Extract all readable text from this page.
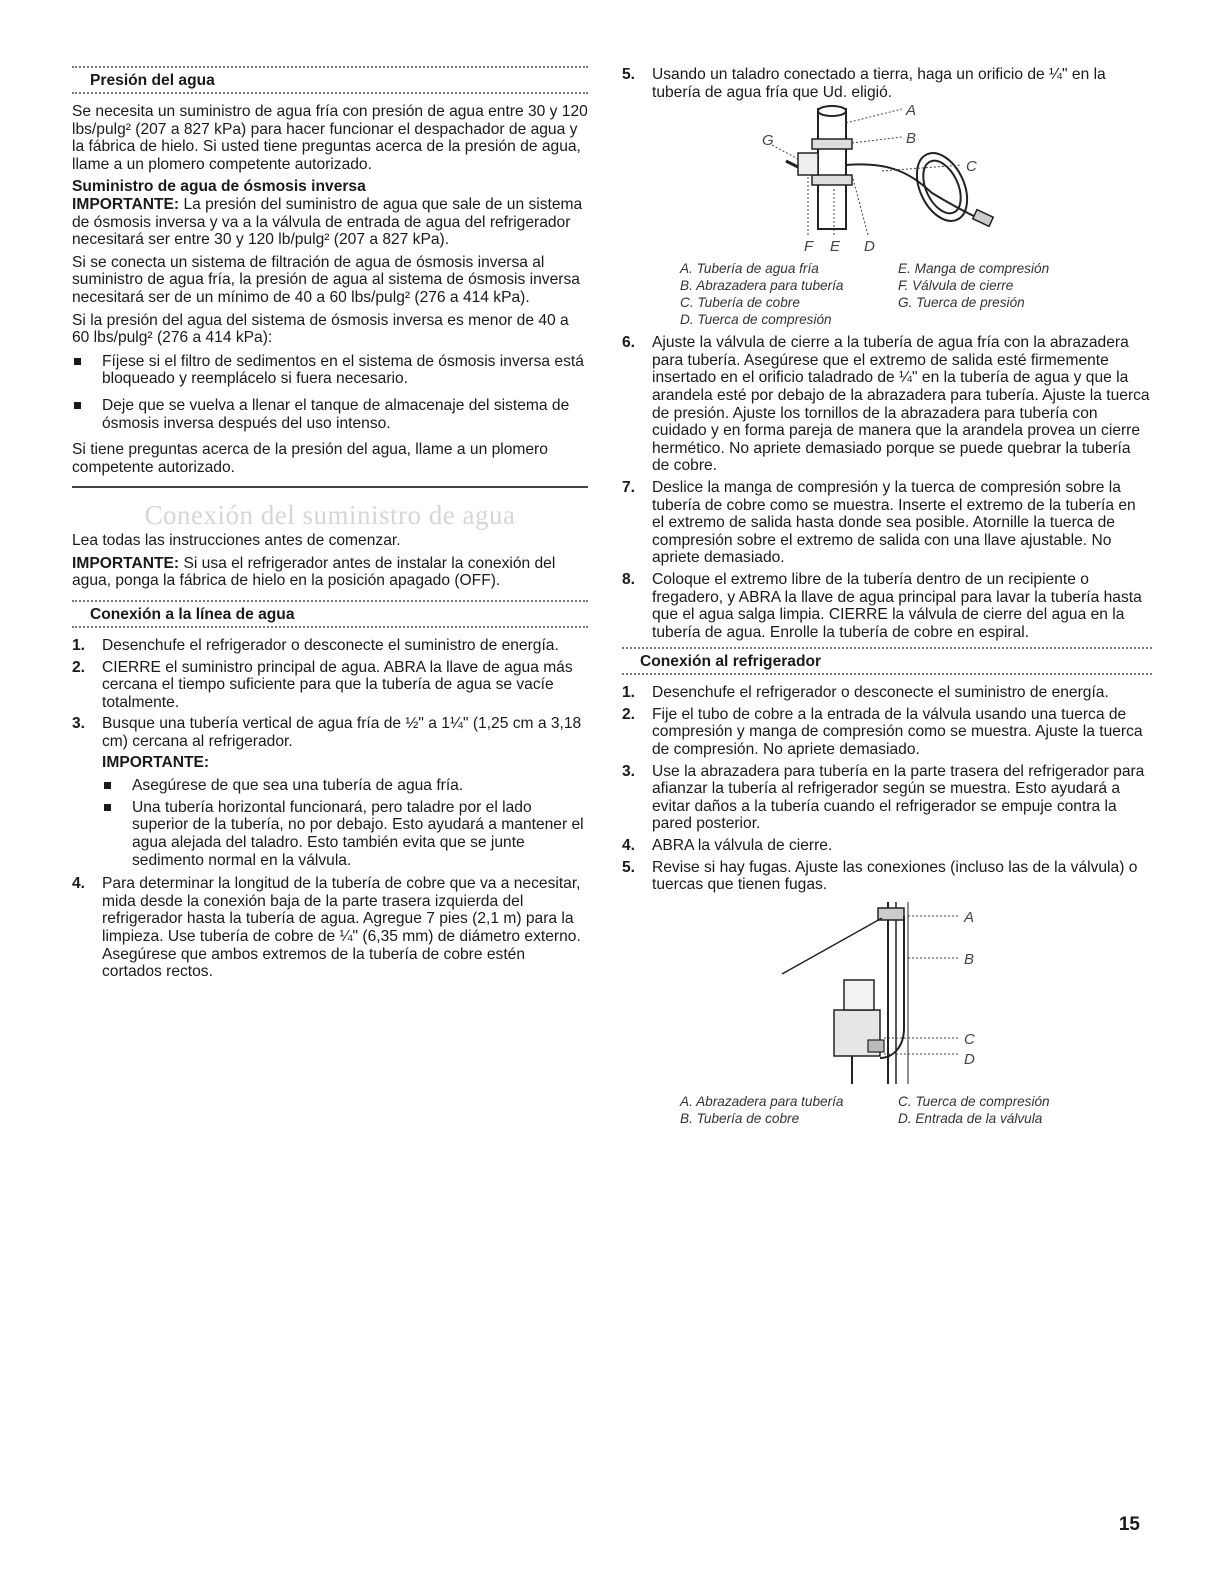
Presión del agua

Se necesita un suministro de agua fría con presión de agua entre 30 y 120 lbs/pulg² (207 a 827 kPa) para hacer funcionar el despachador de agua y la fábrica de hielo. Si usted tiene preguntas acerca de la presión de agua, llame a un plomero competente autorizado.

Suministro de agua de ósmosis inversa

IMPORTANTE: La presión del suministro de agua que sale de un sistema de ósmosis inversa y va a la válvula de entrada de agua del refrigerador necesitará ser entre 30 y 120 lb/pulg² (207 a 827 kPa).

Si se conecta un sistema de filtración de agua de ósmosis inversa al suministro de agua fría, la presión de agua al sistema de ósmosis inversa necesitará ser de un mínimo de 40 a 60 lbs/pulg² (276 a 414 kPa).

Si la presión del agua del sistema de ósmosis inversa es menor de 40 a 60 lbs/pulg² (276 a 414 kPa):

Fíjese si el filtro de sedimentos en el sistema de ósmosis inversa está bloqueado y reemplácelo si fuera necesario.
Deje que se vuelva a llenar el tanque de almacenaje del sistema de ósmosis inversa después del uso intenso.

Si tiene preguntas acerca de la presión del agua, llame a un plomero competente autorizado.

Conexión del suministro de agua

Lea todas las instrucciones antes de comenzar.

IMPORTANTE: Si usa el refrigerador antes de instalar la conexión del agua, ponga la fábrica de hielo en la posición apagado (OFF).

Conexión a la línea de agua
1. Desenchufe el refrigerador o desconecte el suministro de energía.
2. CIERRE el suministro principal de agua. ABRA la llave de agua más cercana el tiempo suficiente para que la tubería de agua se vacíe totalmente.
3. Busque una tubería vertical de agua fría de ½" a 1¼" (1,25 cm a 3,18 cm) cercana al refrigerador.
IMPORTANTE:
Asegúrese de que sea una tubería de agua fría.
Una tubería horizontal funcionará, pero taladre por el lado superior de la tubería, no por debajo. Esto ayudará a mantener el agua alejada del taladro. Esto también evita que se junte sedimento normal en la válvula.
4. Para determinar la longitud de la tubería de cobre que va a necesitar, mida desde la conexión baja de la parte trasera izquierda del refrigerador hasta la tubería de agua. Agregue 7 pies (2,1 m) para la limpieza. Use tubería de cobre de ¼" (6,35 mm) de diámetro externo. Asegúrese que ambos extremos de la tubería de cobre estén cortados rectos.
5. Usando un taladro conectado a tierra, haga un orificio de ¼" en la tubería de agua fría que Ud. eligió.
A
B
C
D
E
F
G
A. Tubería de agua fría	E. Manga de compresión
B. Abrazadera para tubería	F. Válvula de cierre
C. Tubería de cobre	G. Tuerca de presión
D. Tuerca de compresión
6. Ajuste la válvula de cierre a la tubería de agua fría con la abrazadera para tubería. Asegúrese que el extremo de salida esté firmemente insertado en el orificio taladrado de ¼" en la tubería de agua y que la arandela esté por debajo de la abrazadera para tubería. Ajuste la tuerca de presión. Ajuste los tornillos de la abrazadera para tubería con cuidado y en forma pareja de manera que la arandela provea un cierre hermético. No apriete demasiado porque se puede quebrar la tubería de cobre.
7. Deslice la manga de compresión y la tuerca de compresión sobre la tubería de cobre como se muestra. Inserte el extremo de la tubería en el extremo de salida hasta donde sea posible. Atornille la tuerca de compresión sobre el extremo de salida con una llave ajustable. No apriete demasiado.
8. Coloque el extremo libre de la tubería dentro de un recipiente o fregadero, y ABRA la llave de agua principal para lavar la tubería hasta que el agua salga limpia. CIERRE la válvula de cierre del agua en la tubería de agua. Enrolle la tubería de cobre en espiral.
Conexión al refrigerador
1. Desenchufe el refrigerador o desconecte el suministro de energía.
2. Fije el tubo de cobre a la entrada de la válvula usando una tuerca de compresión y manga de compresión como se muestra. Ajuste la tuerca de compresión. No apriete demasiado.
3. Use la abrazadera para tubería en la parte trasera del refrigerador para afianzar la tubería al refrigerador según se muestra. Esto ayudará a evitar daños a la tubería cuando el refrigerador se empuje contra la pared posterior.
4. ABRA la válvula de cierre.
5. Revise si hay fugas. Ajuste las conexiones (incluso las de la válvula) o tuercas que tienen fugas.
A
B
C
D
A. Abrazadera para tubería	C. Tuerca de compresión
B. Tubería de cobre	D. Entrada de la válvula
15
